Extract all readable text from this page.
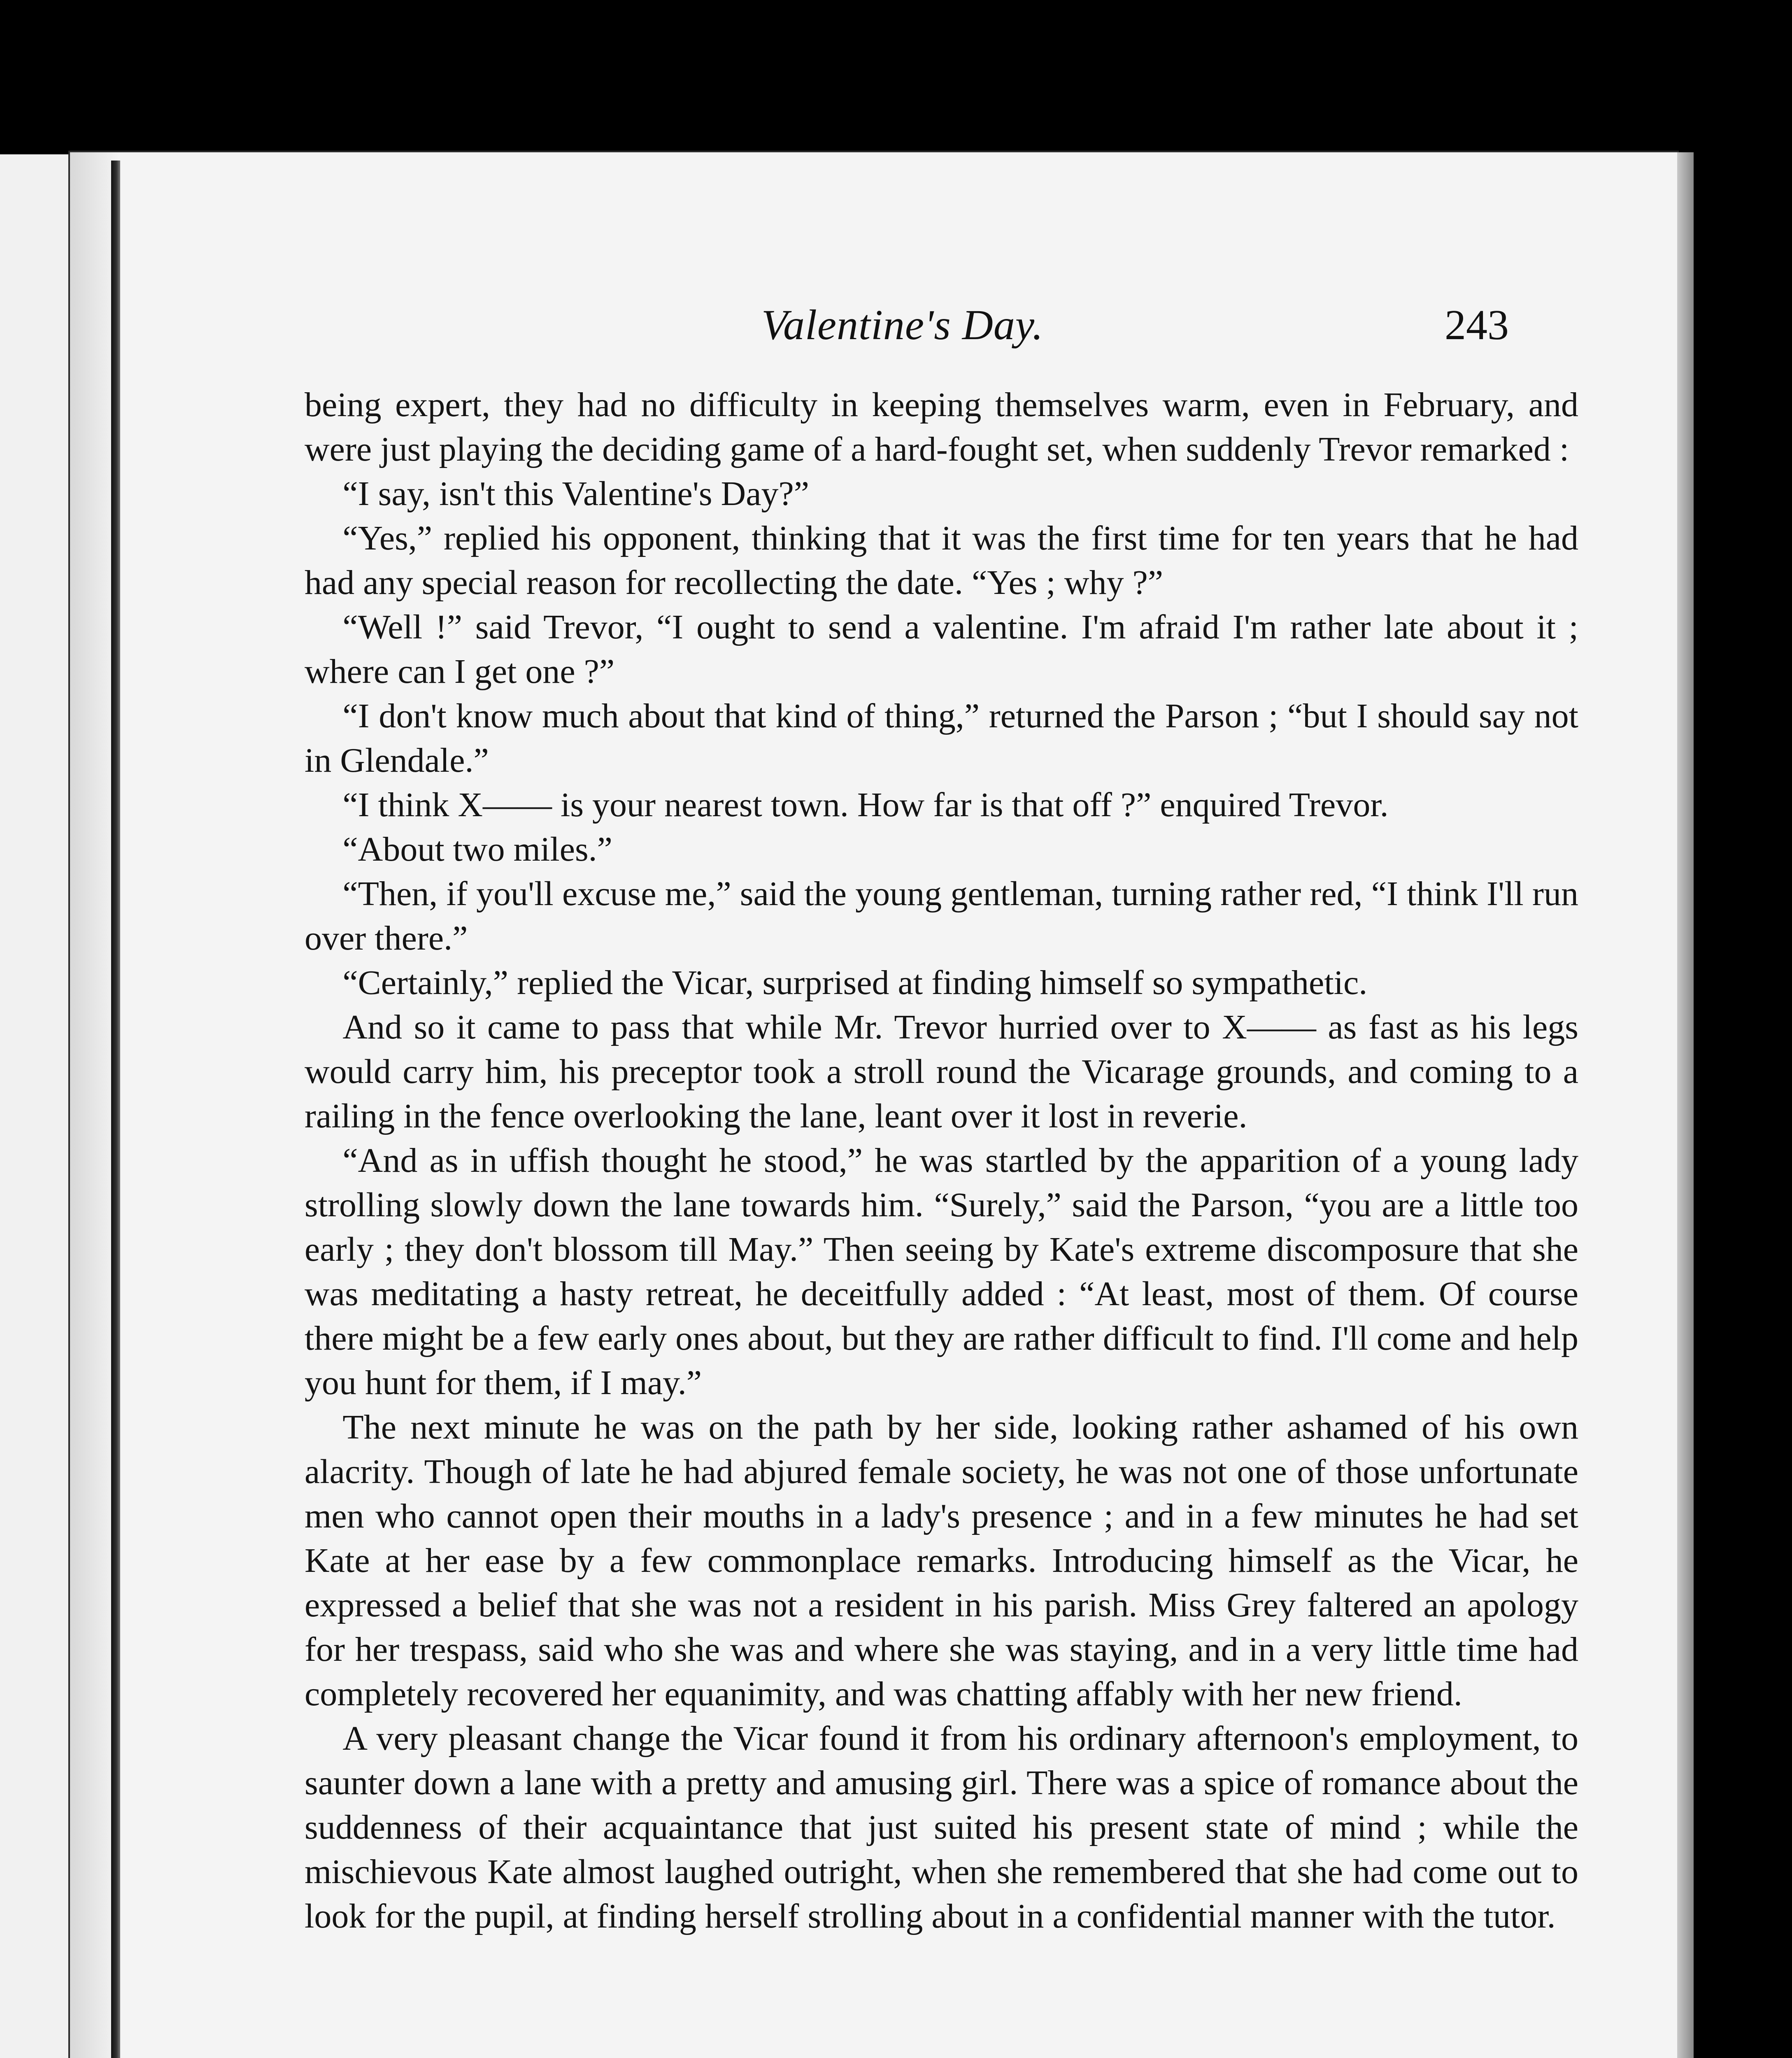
Valentine's Day.	243

being expert, they had no difficulty in keeping themselves warm, even in February, and were just playing the deciding game of a hard-fought set, when suddenly Trevor remarked :

“I say, isn't this Valentine's Day?”

“Yes,” replied his opponent, thinking that it was the first time for ten years that he had had any special reason for recollecting the date. “Yes ; why ?”

“Well !” said Trevor, “I ought to send a valentine. I'm afraid I'm rather late about it ; where can I get one ?”

“I don't know much about that kind of thing,” returned the Parson ; “but I should say not in Glendale.”

“I think X—— is your nearest town. How far is that off ?” enquired Trevor.

“About two miles.”

“Then, if you'll excuse me,” said the young gentleman, turning rather red, “I think I'll run over there.”

“Certainly,” replied the Vicar, surprised at finding himself so sympathetic.

And so it came to pass that while Mr. Trevor hurried over to X—— as fast as his legs would carry him, his preceptor took a stroll round the Vicarage grounds, and coming to a railing in the fence overlooking the lane, leant over it lost in reverie.

“And as in uffish thought he stood,” he was startled by the apparition of a young lady strolling slowly down the lane towards him. “Surely,” said the Parson, “you are a little too early ; they don't blossom till May.” Then seeing by Kate's extreme discomposure that she was meditating a hasty retreat, he deceitfully added : “At least, most of them. Of course there might be a few early ones about, but they are rather difficult to find. I'll come and help you hunt for them, if I may.”

The next minute he was on the path by her side, looking rather ashamed of his own alacrity. Though of late he had abjured female society, he was not one of those unfortunate men who cannot open their mouths in a lady's presence ; and in a few minutes he had set Kate at her ease by a few commonplace remarks. Introducing himself as the Vicar, he expressed a belief that she was not a resident in his parish. Miss Grey faltered an apology for her trespass, said who she was and where she was staying, and in a very little time had completely recovered her equanimity, and was chatting affably with her new friend.

A very pleasant change the Vicar found it from his ordinary afternoon's employment, to saunter down a lane with a pretty and amusing girl. There was a spice of romance about the suddenness of their acquaintance that just suited his present state of mind ; while the mischievous Kate almost laughed outright, when she remembered that she had come out to look for the pupil, at finding herself strolling about in a confidential manner with the tutor.
